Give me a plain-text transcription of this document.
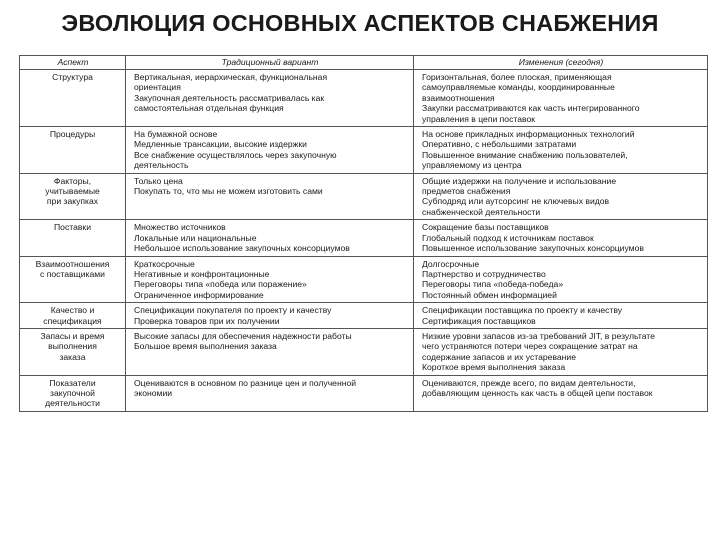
ЭВОЛЮЦИЯ ОСНОВНЫХ АСПЕКТОВ СНАБЖЕНИЯ
Аспект	Традиционный вариант	Изменения (сегодня)

Структура	Вертикальная, иерархическая, функциональная
ориентация
Закупочная деятельность рассматривалась как
самостоятельная отдельная функция	Горизонтальная, более плоская, применяющая
самоуправляемые команды, координированные
взаимоотношения
Закупки рассматриваются как часть интегрированного
управления в цепи поставок

Процедуры	На бумажной основе
Медленные трансакции, высокие издержки
Все снабжение осуществлялось через закупочную
деятельность	На основе прикладных информационных технологий
Оперативно, с небольшими затратами
Повышенное внимание снабжению пользователей,
управляемому из центра

Факторы,
учитываемые
при закупках	Только цена
Покупать то, что мы не можем изготовить сами	Общие издержки на получение и использование
предметов снабжения
Субподряд или аутсорсинг не ключевых видов
снабженческой деятельности

Поставки	Множество источников
Локальные или национальные
Небольшое использование закупочных консорциумов	Сокращение базы поставщиков
Глобальный подход к источникам поставок
Повышенное использование закупочных консорциумов

Взаимоотношения
с поставщиками	Краткосрочные
Негативные и конфронтационные
Переговоры типа «победа или поражение»
Ограниченное информирование	Долгосрочные
Партнерство и сотрудничество
Переговоры типа «победа-победа»
Постоянный обмен информацией

Качество и
спецификация	Спецификации покупателя по проекту и качеству
Проверка товаров при их получении	Спецификации поставщика по проекту и качеству
Сертификация поставщиков

Запасы и время
выполнения
заказа	Высокие запасы для обеспечения надежности работы
Большое время выполнения заказа	Низкие уровни запасов из-за требований JIT, в результате
чего устраняются потери через сокращение затрат на
содержание запасов и их устаревание
Короткое время выполнения заказа

Показатели
закупочной
деятельности	Оцениваются в основном по разнице цен и полученной
экономии	Оцениваются, прежде всего, по видам деятельности,
добавляющим ценность как часть в общей цепи поставок
